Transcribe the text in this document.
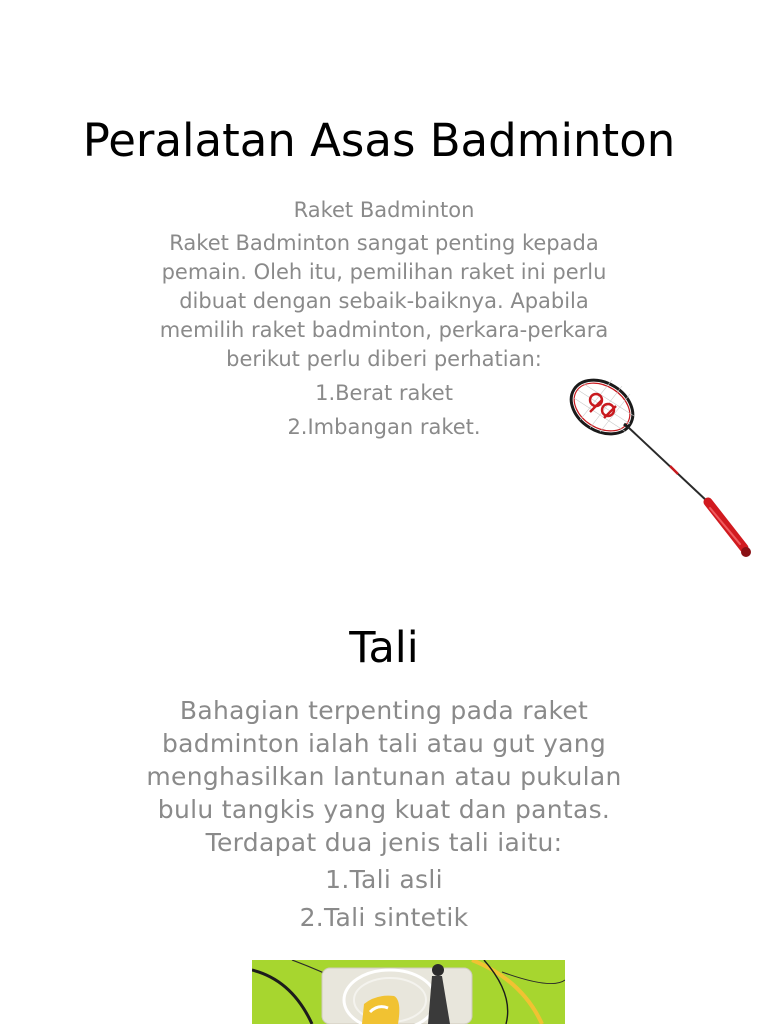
Peralatan Asas Badminton
Raket Badminton
Raket Badminton sangat penting kepada
pemain. Oleh itu, pemilihan raket ini perlu
dibuat dengan sebaik-baiknya. Apabila
memilih raket badminton, perkara-perkara
berikut perlu diberi perhatian:
1.Berat raket
2.Imbangan raket.
Tali
Bahagian terpenting pada raket
badminton ialah tali atau gut yang
menghasilkan lantunan atau pukulan
bulu tangkis yang kuat dan pantas.
Terdapat dua jenis tali iaitu:
1.Tali asli
2.Tali sintetik
